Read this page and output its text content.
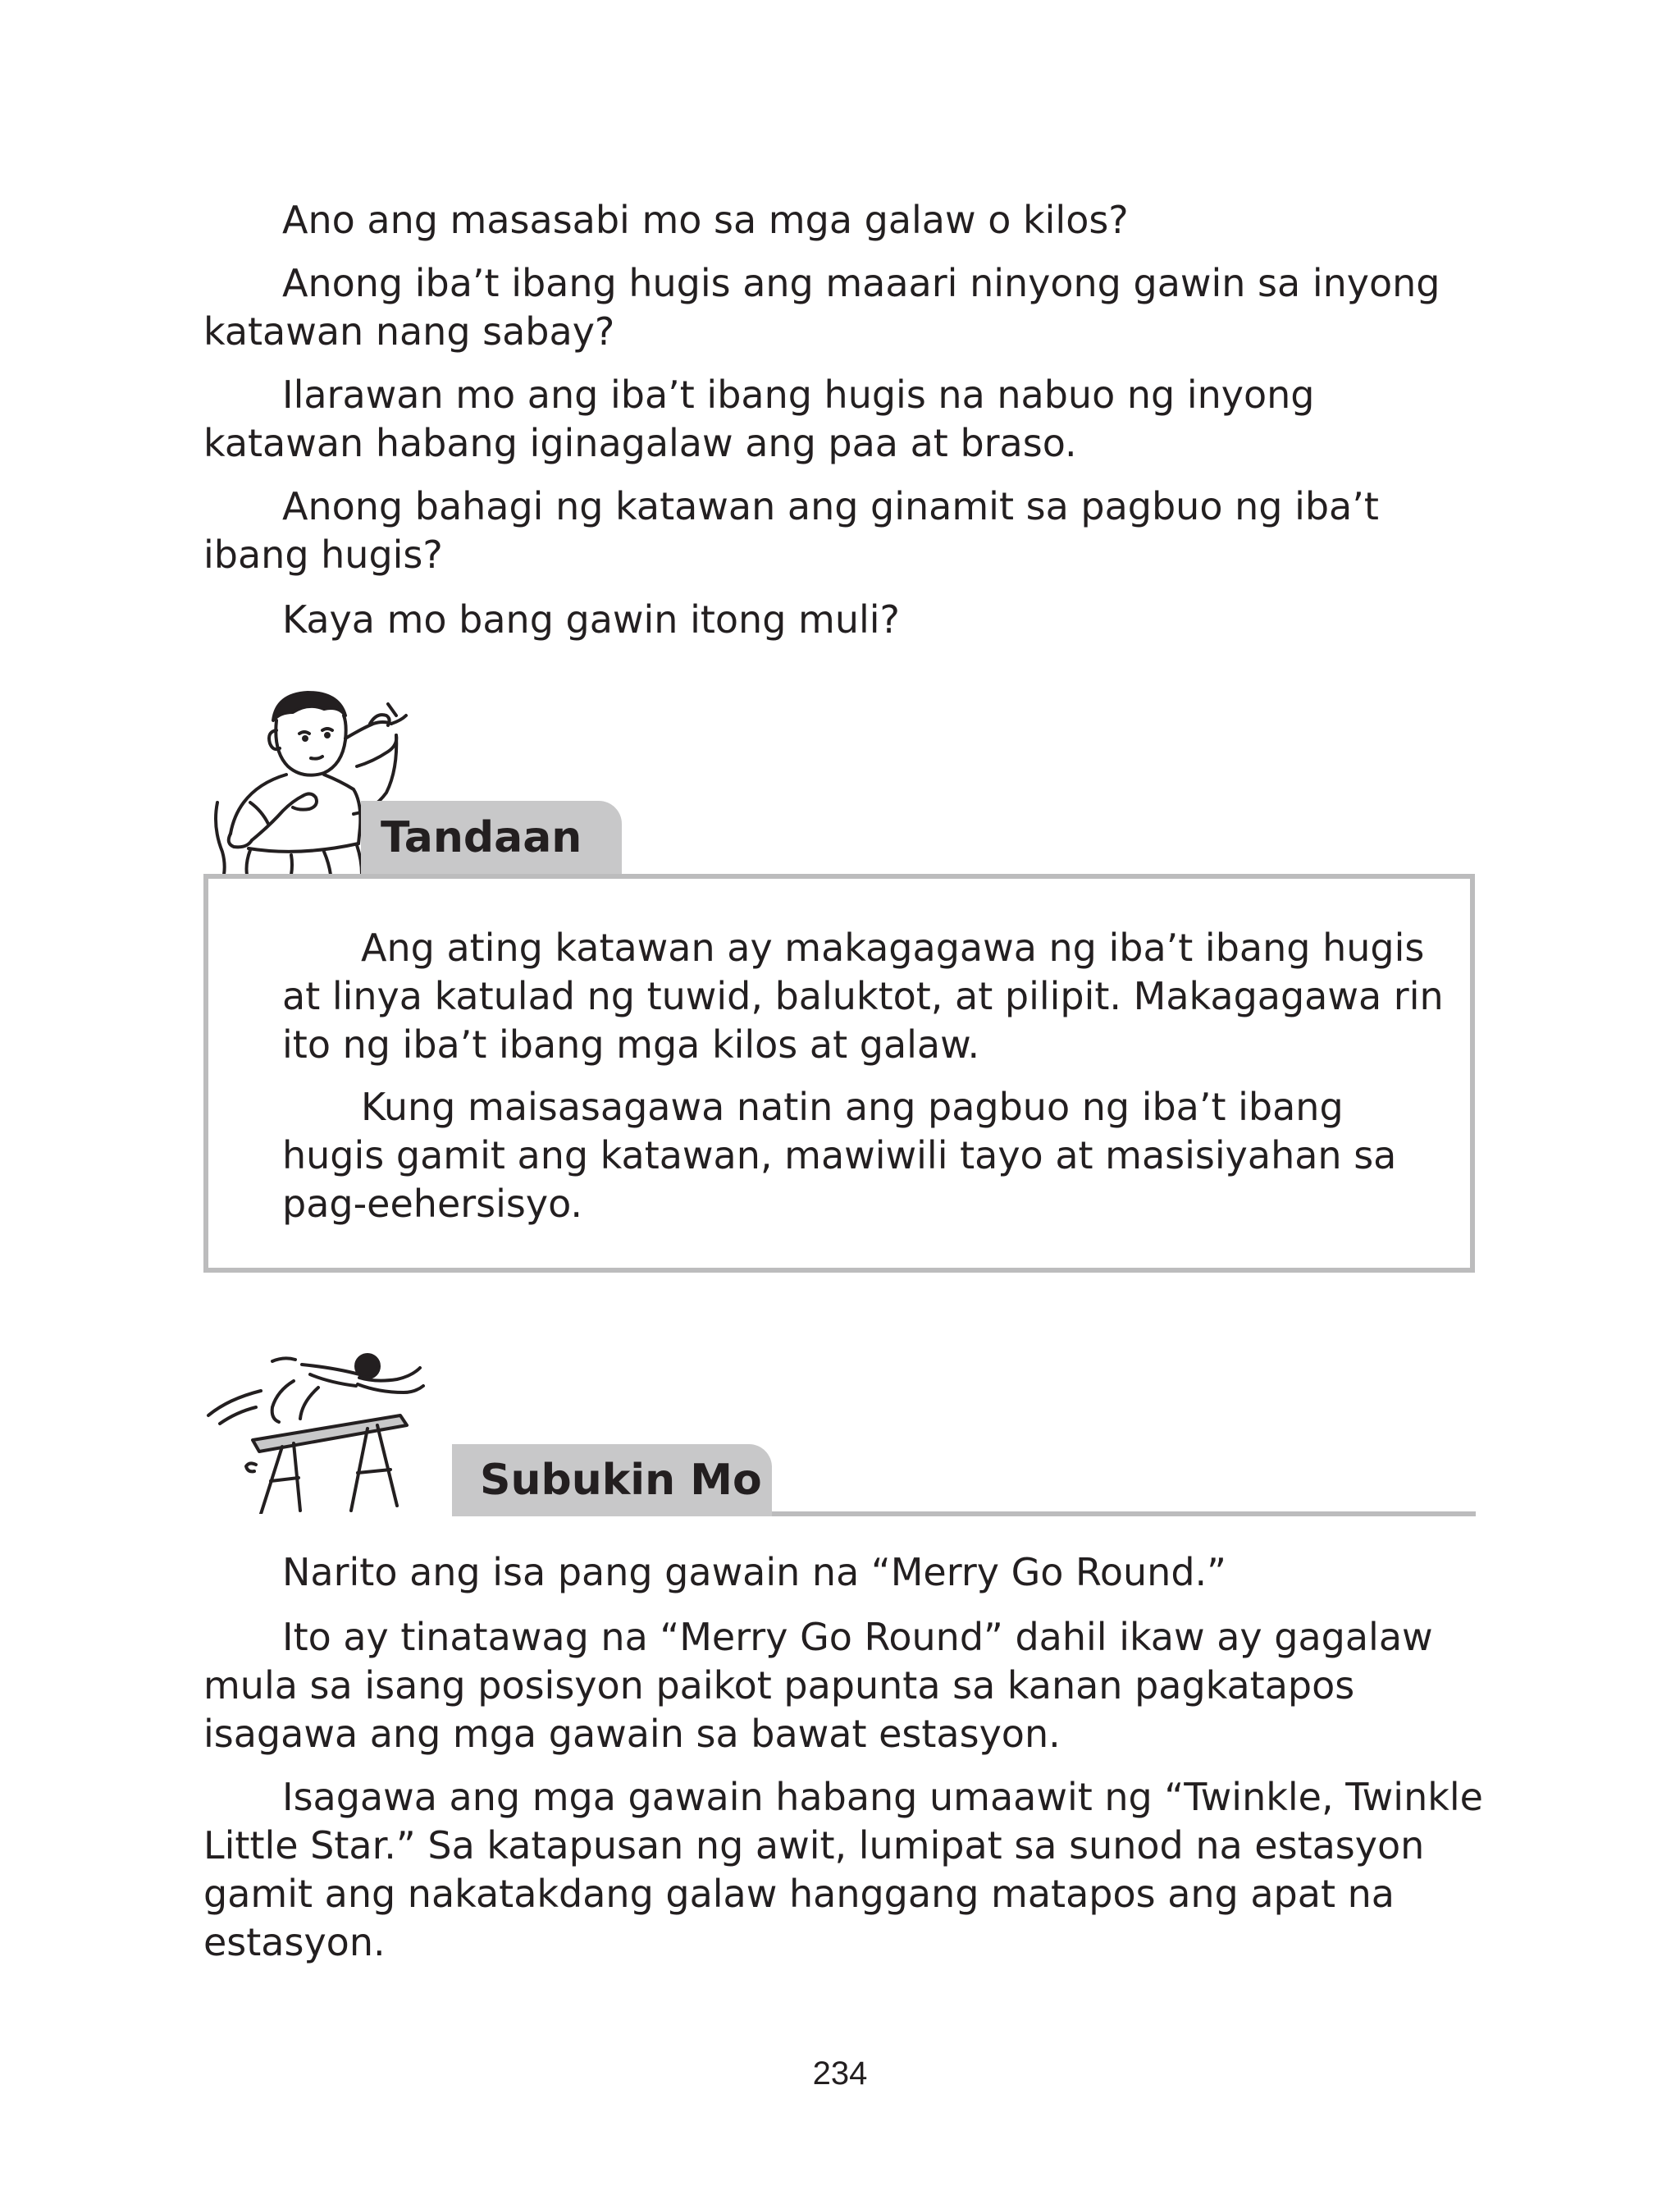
Ano ang masasabi mo sa mga galaw o kilos?

Anong iba’t ibang hugis ang maaari ninyong gawin sa inyong katawan nang sabay?

Ilarawan mo ang iba’t ibang hugis na nabuo ng inyong katawan habang iginagalaw ang paa at braso.

Anong bahagi ng katawan ang ginamit sa pagbuo ng iba’t ibang hugis?

Kaya mo bang gawin itong muli?

Tandaan

Ang ating katawan ay makagagawa ng iba’t ibang hugis at linya katulad ng tuwid, baluktot, at pilipit. Makagagawa rin ito ng iba’t ibang mga kilos at galaw.

Kung maisasagawa natin ang pagbuo ng iba’t ibang hugis gamit ang katawan, mawiwili tayo at masisiyahan sa pag-eehersisyo.

Subukin Mo

Narito ang isa pang gawain na “Merry Go Round.”

Ito ay tinatawag na “Merry Go Round” dahil ikaw ay gagalaw mula sa isang posisyon paikot papunta sa kanan pagkatapos isagawa ang mga gawain sa bawat estasyon.

Isagawa ang mga gawain habang umaawit ng “Twinkle, Twinkle Little Star.” Sa katapusan ng awit, lumipat sa sunod na estasyon gamit ang nakatakdang galaw hanggang matapos ang apat na estasyon.

234
